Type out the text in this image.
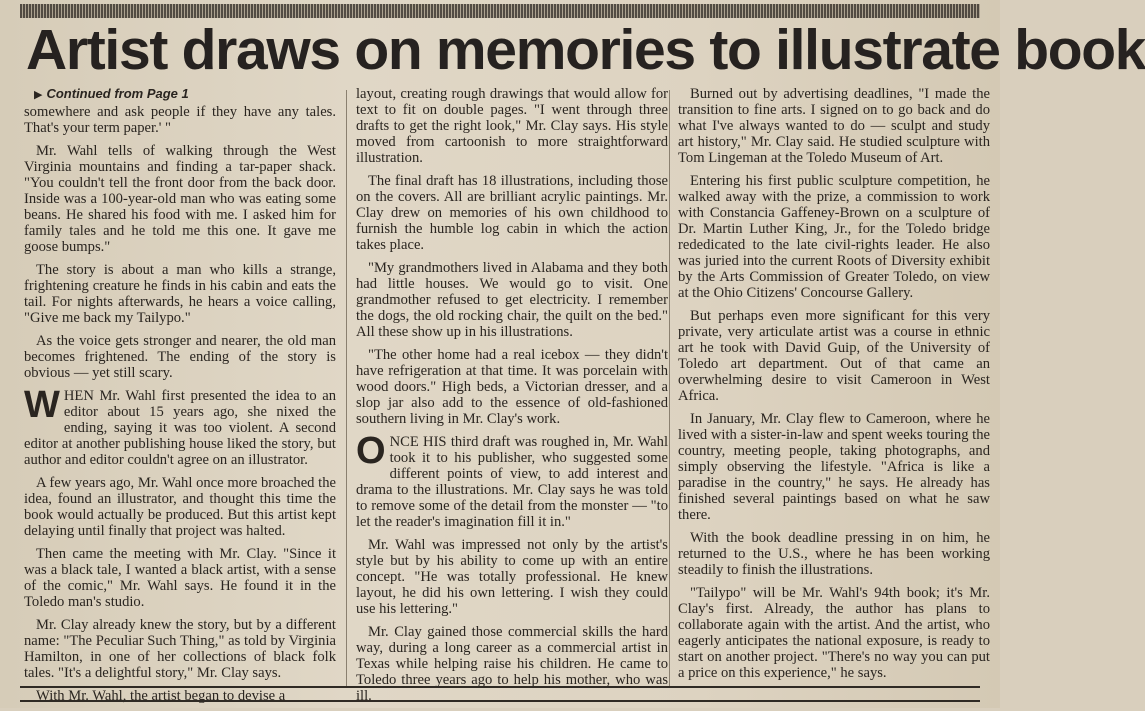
Artist draws on memories to illustrate book
▶ Continued from Page 1

somewhere and ask people if they have any tales. That's your term paper.' "

Mr. Wahl tells of walking through the West Virginia mountains and finding a tar-paper shack. "You couldn't tell the front door from the back door. Inside was a 100-year-old man who was eating some beans. He shared his food with me. I asked him for family tales and he told me this one. It gave me goose bumps."

The story is about a man who kills a strange, frightening creature he finds in his cabin and eats the tail. For nights afterwards, he hears a voice calling, "Give me back my Tailypo."

As the voice gets stronger and nearer, the old man becomes frightened. The ending of the story is obvious — yet still scary.

WHEN Mr. Wahl first presented the idea to an editor about 15 years ago, she nixed the ending, saying it was too violent. A second editor at another publishing house liked the story, but author and editor couldn't agree on an illustrator.

A few years ago, Mr. Wahl once more broached the idea, found an illustrator, and thought this time the book would actually be produced. But this artist kept delaying until finally that project was halted.

Then came the meeting with Mr. Clay. "Since it was a black tale, I wanted a black artist, with a sense of the comic," Mr. Wahl says. He found it in the Toledo man's studio.

Mr. Clay already knew the story, but by a different name: "The Peculiar Such Thing," as told by Virginia Hamilton, in one of her collections of black folk tales. "It's a delightful story," Mr. Clay says.

With Mr. Wahl, the artist began to devise a

layout, creating rough drawings that would allow for text to fit on double pages. "I went through three drafts to get the right look," Mr. Clay says. His style moved from cartoonish to more straightforward illustration.

The final draft has 18 illustrations, including those on the covers. All are brilliant acrylic paintings. Mr. Clay drew on memories of his own childhood to furnish the humble log cabin in which the action takes place.

"My grandmothers lived in Alabama and they both had little houses. We would go to visit. One grandmother refused to get electricity. I remember the dogs, the old rocking chair, the quilt on the bed." All these show up in his illustrations.

"The other home had a real icebox — they didn't have refrigeration at that time. It was porcelain with wood doors." High beds, a Victorian dresser, and a slop jar also add to the essence of old-fashioned southern living in Mr. Clay's work.

ONCE HIS third draft was roughed in, Mr. Wahl took it to his publisher, who suggested some different points of view, to add interest and drama to the illustrations. Mr. Clay says he was told to remove some of the detail from the monster — "to let the reader's imagination fill it in."

Mr. Wahl was impressed not only by the artist's style but by his ability to come up with an entire concept. "He was totally professional. He knew layout, he did his own lettering. I wish they could use his lettering."

Mr. Clay gained those commercial skills the hard way, during a long career as a commercial artist in Texas while helping raise his children. He came to Toledo three years ago to help his mother, who was ill.

Burned out by advertising deadlines, "I made the transition to fine arts. I signed on to go back and do what I've always wanted to do — sculpt and study art history," Mr. Clay said. He studied sculpture with Tom Lingeman at the Toledo Museum of Art.

Entering his first public sculpture competition, he walked away with the prize, a commission to work with Constancia Gaffeney-Brown on a sculpture of Dr. Martin Luther King, Jr., for the Toledo bridge rededicated to the late civil-rights leader. He also was juried into the current Roots of Diversity exhibit by the Arts Commission of Greater Toledo, on view at the Ohio Citizens' Concourse Gallery.

But perhaps even more significant for this very private, very articulate artist was a course in ethnic art he took with David Guip, of the University of Toledo art department. Out of that came an overwhelming desire to visit Cameroon in West Africa.

In January, Mr. Clay flew to Cameroon, where he lived with a sister-in-law and spent weeks touring the country, meeting people, taking photographs, and simply observing the lifestyle. "Africa is like a paradise in the country," he says. He already has finished several paintings based on what he saw there.

With the book deadline pressing in on him, he returned to the U.S., where he has been working steadily to finish the illustrations.

"Tailypo" will be Mr. Wahl's 94th book; it's Mr. Clay's first. Already, the author has plans to collaborate again with the artist. And the artist, who eagerly anticipates the national exposure, is ready to start on another project. "There's no way you can put a price on this experience," he says.
